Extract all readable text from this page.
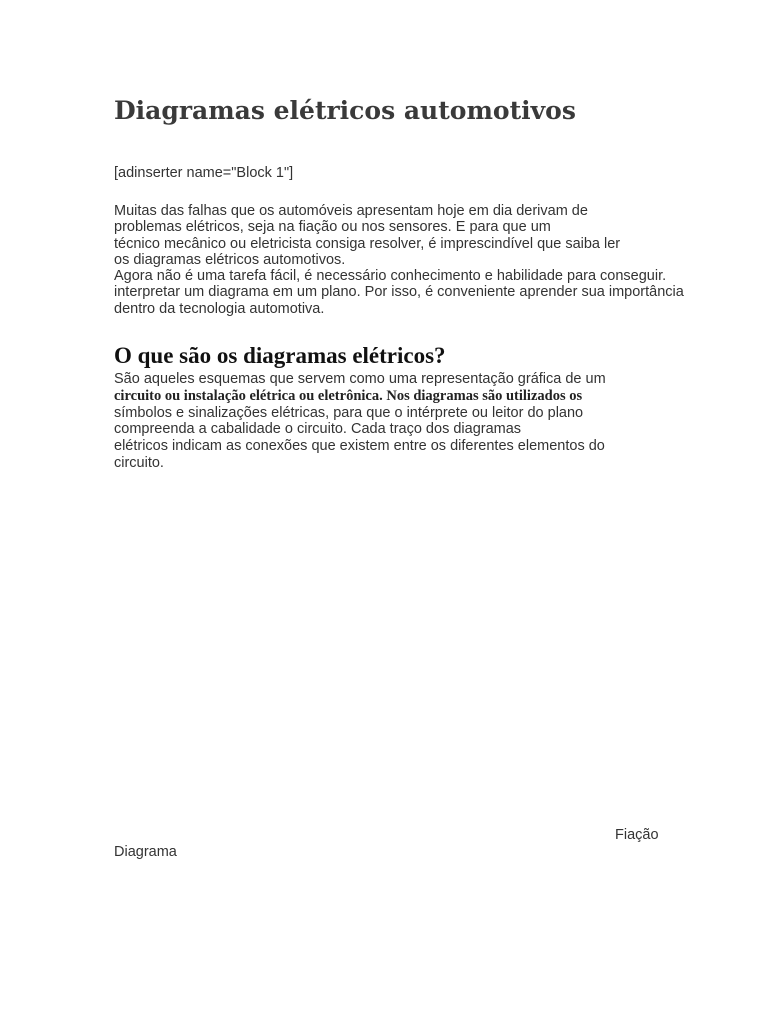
Diagramas elétricos automotivos
[adinserter name="Block 1"]
Muitas das falhas que os automóveis apresentam hoje em dia derivam de
problemas elétricos, seja na fiação ou nos sensores. E para que um
técnico mecânico ou eletricista consiga resolver, é imprescindível que saiba ler
os diagramas elétricos automotivos.
Agora não é uma tarefa fácil, é necessário conhecimento e habilidade para conseguir.
interpretar um diagrama em um plano. Por isso, é conveniente aprender sua importância
dentro da tecnologia automotiva.
O que são os diagramas elétricos?
São aqueles esquemas que servem como uma representação gráfica de um
circuito ou instalação elétrica ou eletrônica. Nos diagramas são utilizados os
símbolos e sinalizações elétricas, para que o intérprete ou leitor do plano
compreenda a cabalidade o circuito. Cada traço dos diagramas
elétricos indicam as conexões que existem entre os diferentes elementos do
circuito.
Fiação
Diagrama
